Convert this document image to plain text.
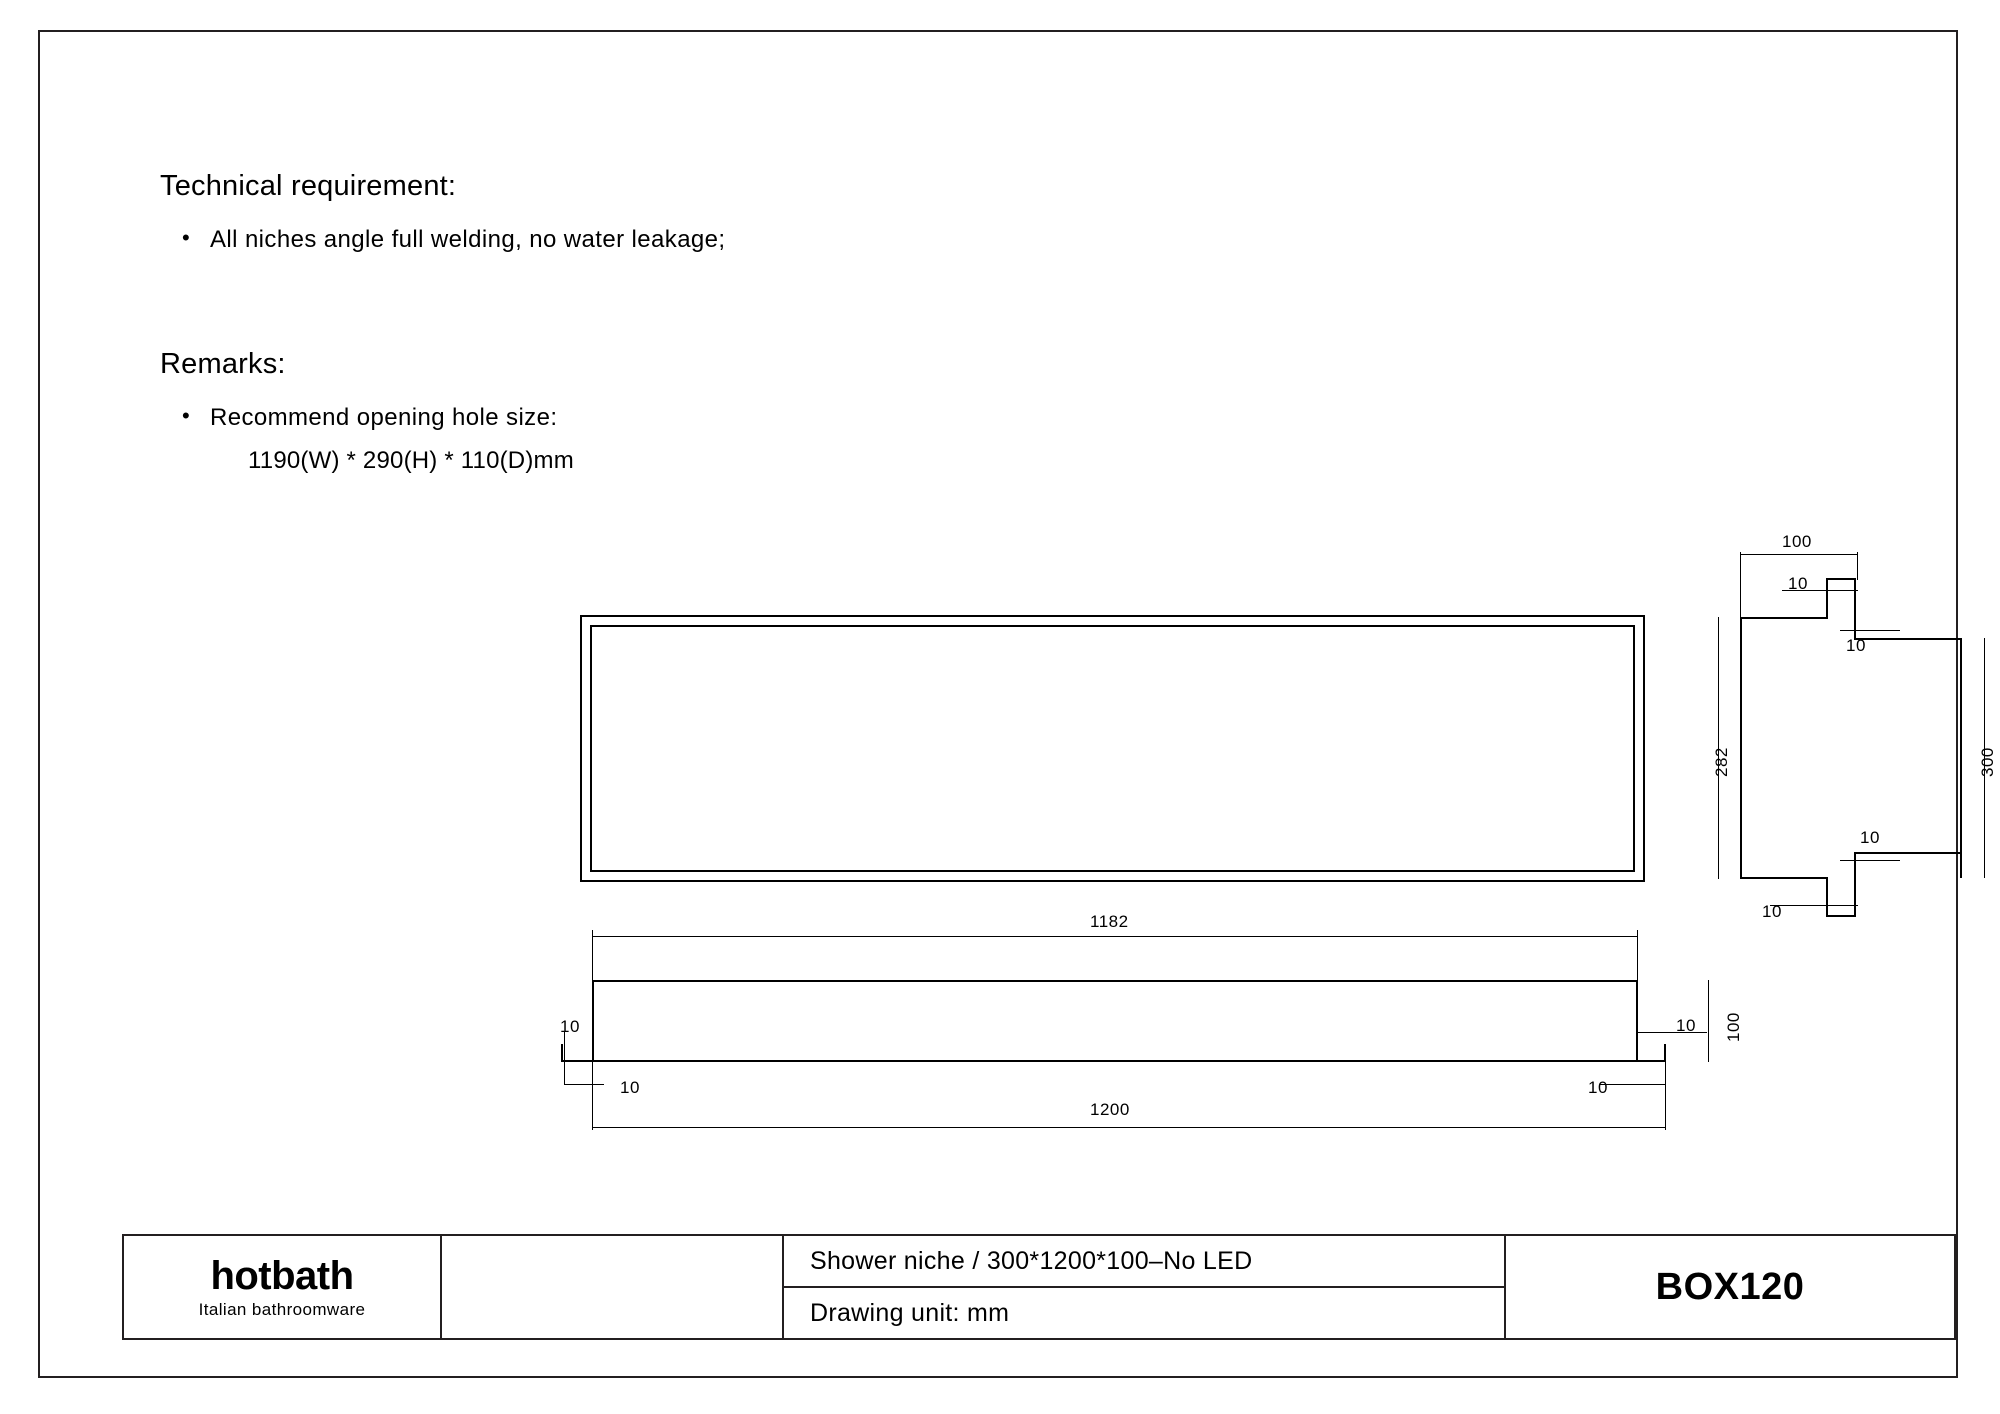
Technical requirement:
• All niches angle full welding, no water leakage;
Remarks:
• Recommend opening hole size:
1190(W) * 290(H) * 110(D)mm
1182
1200
10
10
10
10
100
100
10
10
282	300
10
10
hotbath
Italian bathroomware
Shower niche / 300*1200*100–No LED
Drawing unit: mm
BOX120
